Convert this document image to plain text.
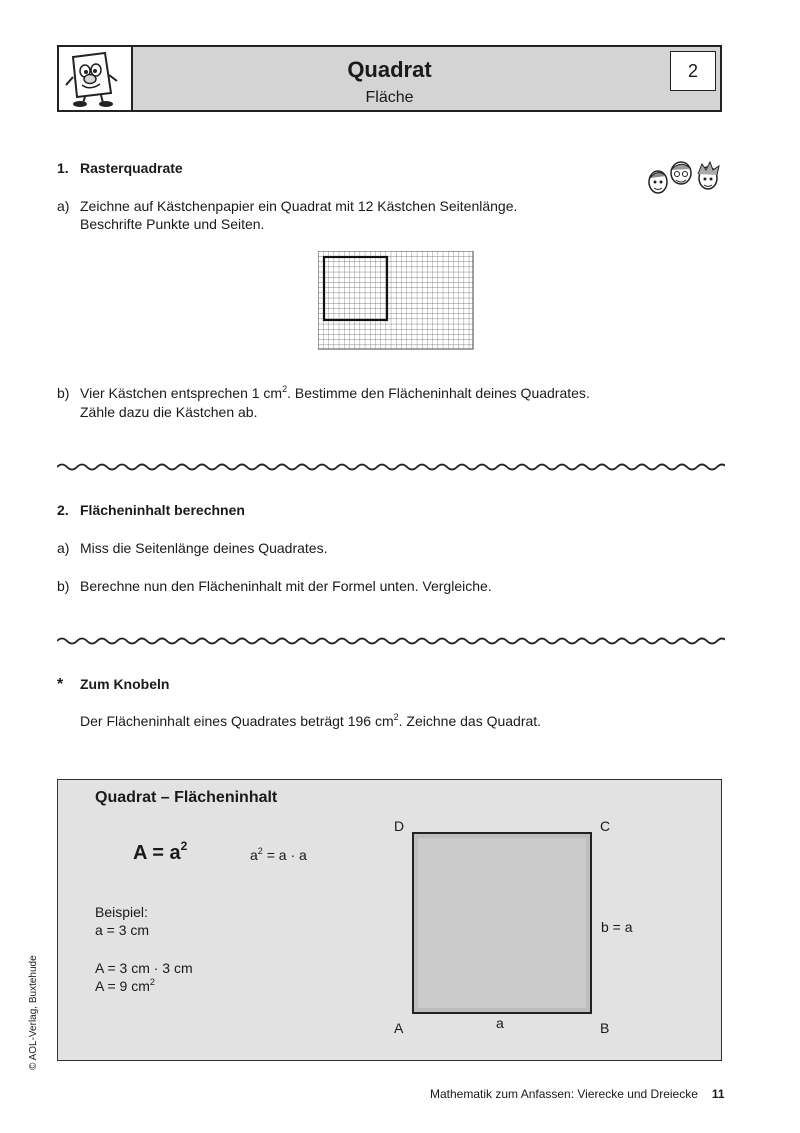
Quadrat
Fläche
2
1. Rasterquadrate
a) Zeichne auf Kästchenpapier ein Quadrat mit 12 Kästchen Seitenlänge.
Beschrifte Punkte und Seiten.
b) Vier Kästchen entsprechen 1 $cm^2$. Bestimme den Flächeninhalt deines Quadrates.
Zähle dazu die Kästchen ab.
2. Flächeninhalt berechnen
a) Miss die Seitenlänge deines Quadrates.
b) Berechne nun den Flächeninhalt mit der Formel unten. Vergleiche.
* Zum Knobeln
Der Flächeninhalt eines Quadrates beträgt 196 $cm^2$. Zeichne das Quadrat.
Quadrat – Flächeninhalt
$A = a^2$
$a^2 = a \cdot a$
Beispiel:
a = 3 cm
A = 3 cm · 3 cm
A = 9 $cm^2$
D	C
A	B
b = a
a
© AOL-Verlag, Buxtehude
Mathematik zum Anfassen: Vierecke und Dreiecke 11
